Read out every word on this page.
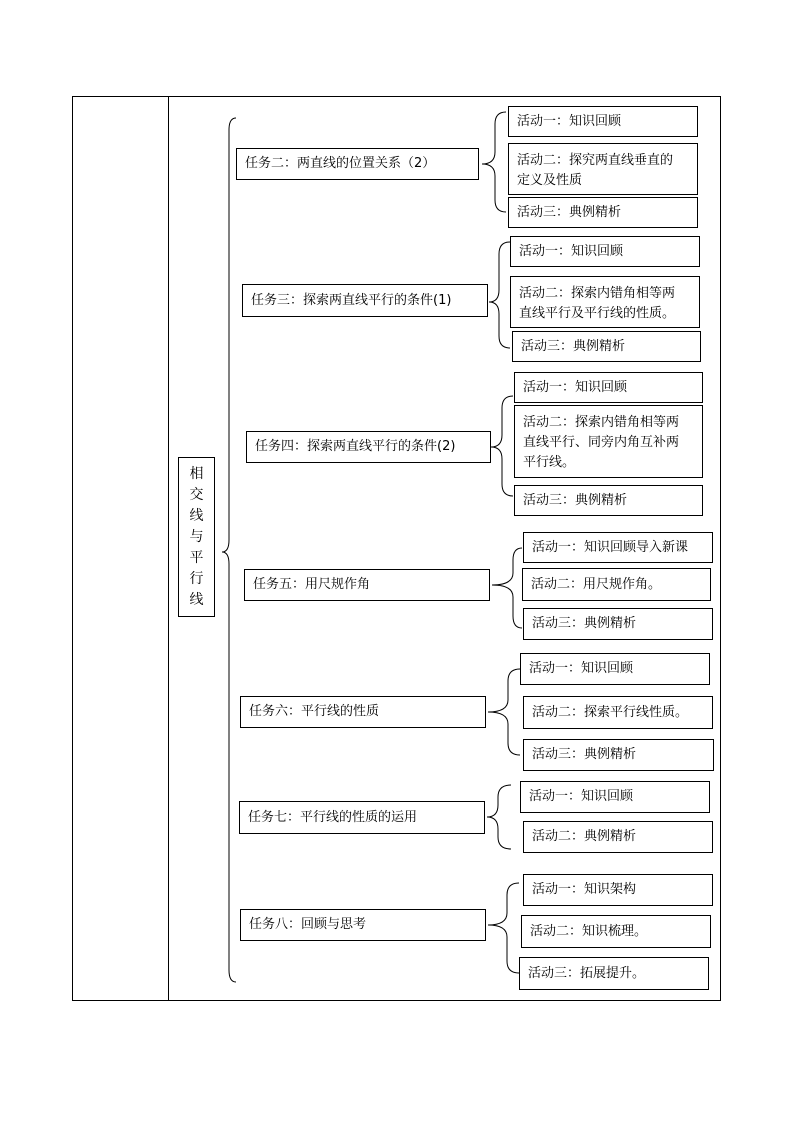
相
交
线
与
平
行
线
任务二：两直线的位置关系（2）
活动一：知识回顾
活动二：探究两直线垂直的
定义及性质
活动三：典例精析
任务三：探索两直线平行的条件(1)
活动一：知识回顾
活动二：探索内错角相等两
直线平行及平行线的性质。
活动三：典例精析
任务四：探索两直线平行的条件(2)
活动一：知识回顾
活动二：探索内错角相等两
直线平行、同旁内角互补两
平行线。
活动三：典例精析
任务五：用尺规作角
活动一：知识回顾导入新课
活动二：用尺规作角。
活动三：典例精析
任务六：平行线的性质
活动一：知识回顾
活动二：探索平行线性质。
活动三：典例精析
任务七：平行线的性质的运用
活动一：知识回顾
活动二：典例精析
任务八：回顾与思考
活动一：知识架构
活动二：知识梳理。
活动三：拓展提升。
